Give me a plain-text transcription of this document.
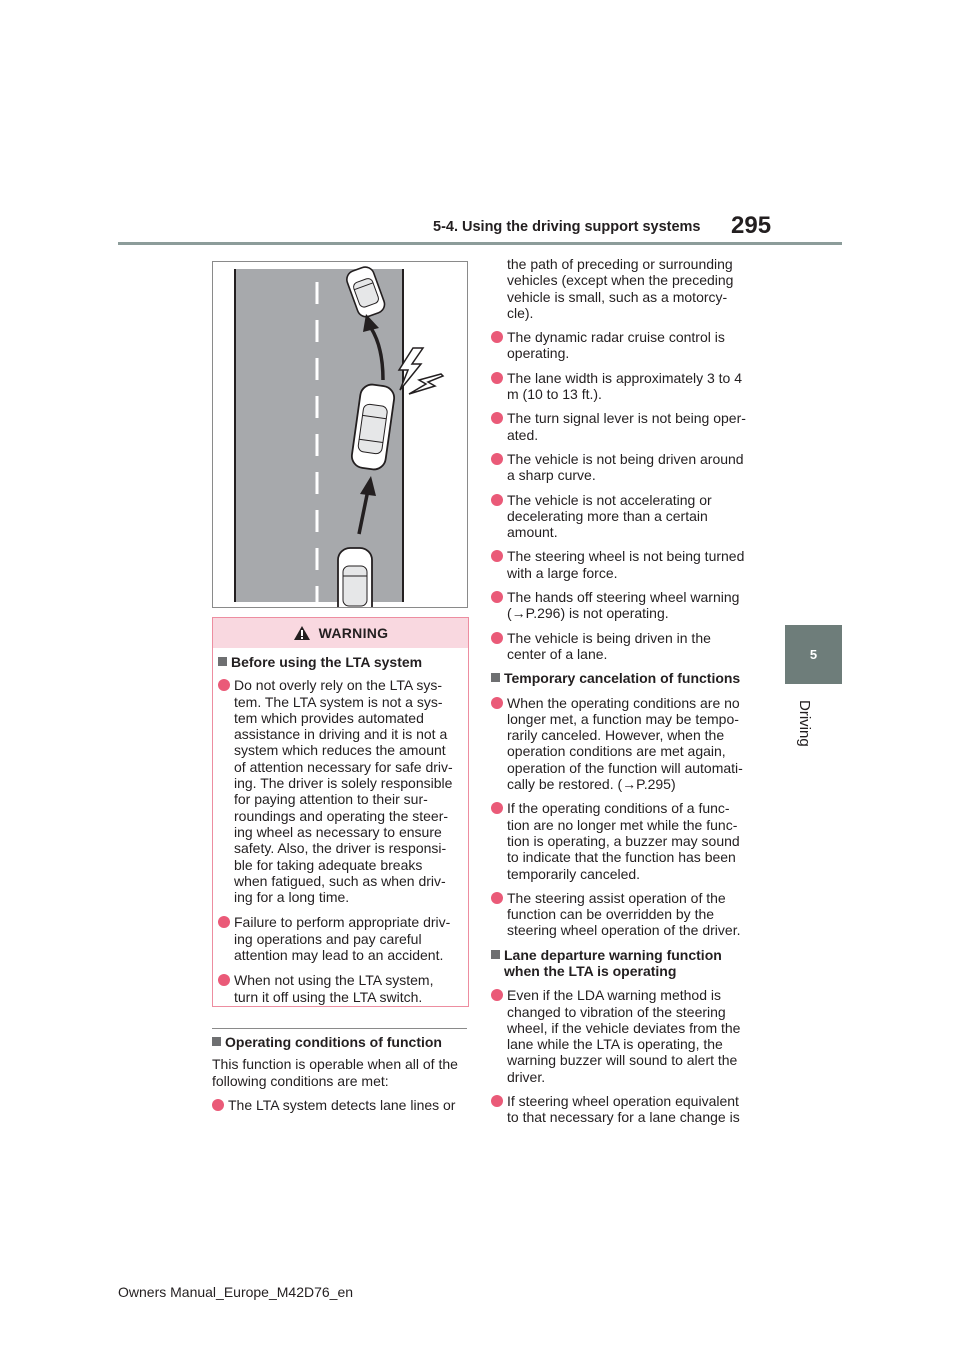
5-4. Using the driving support systems 295
5
Driving
WARNING
Before using the LTA system
Do not overly rely on the LTA sys-
tem. The LTA system is not a sys-
tem which provides automated
assistance in driving and it is not a
system which reduces the amount
of attention necessary for safe driv-
ing. The driver is solely responsible
for paying attention to their sur-
roundings and operating the steer-
ing wheel as necessary to ensure
safety. Also, the driver is responsi-
ble for taking adequate breaks
when fatigued, such as when driv-
ing for a long time.
Failure to perform appropriate driv-
ing operations and pay careful
attention may lead to an accident.
When not using the LTA system,
turn it off using the LTA switch.
Operating conditions of function
This function is operable when all of the
following conditions are met:
The LTA system detects lane lines or
the path of preceding or surrounding
vehicles (except when the preceding
vehicle is small, such as a motorcy-
cle).
The dynamic radar cruise control is
operating.
The lane width is approximately 3 to 4
m (10 to 13 ft.).
The turn signal lever is not being oper-
ated.
The vehicle is not being driven around
a sharp curve.
The vehicle is not accelerating or
decelerating more than a certain
amount.
The steering wheel is not being turned
with a large force.
The hands off steering wheel warning
(→P.296) is not operating.
The vehicle is being driven in the
center of a lane.
Temporary cancelation of functions
When the operating conditions are no
longer met, a function may be tempo-
rarily canceled. However, when the
operation conditions are met again,
operation of the function will automati-
cally be restored. (→P.295)
If the operating conditions of a func-
tion are no longer met while the func-
tion is operating, a buzzer may sound
to indicate that the function has been
temporarily canceled.
The steering assist operation of the
function can be overridden by the
steering wheel operation of the driver.
Lane departure warning function
when the LTA is operating
Even if the LDA warning method is
changed to vibration of the steering
wheel, if the vehicle deviates from the
lane while the LTA is operating, the
warning buzzer will sound to alert the
driver.
If steering wheel operation equivalent
to that necessary for a lane change is
Owners Manual_Europe_M42D76_en
